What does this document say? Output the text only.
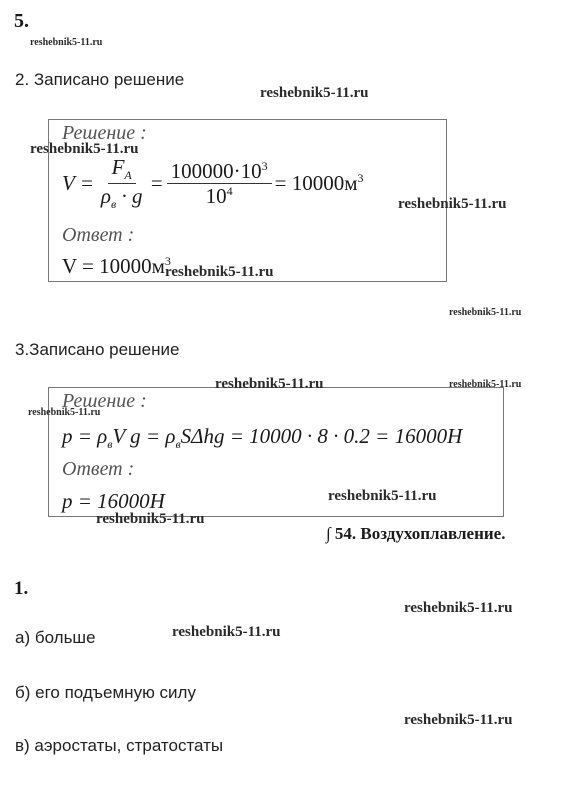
5.
reshebnik5-11.ru
2. Записано решение
reshebnik5-11.ru
Решение :
reshebnik5-11.ru
$V = \frac{F_A}{\rho_в \cdot g} = \frac{100000\cdot 10^3}{10^4} = 10000м^3$
reshebnik5-11.ru
Ответ :
$V = 10000м^3$
reshebnik5-11.ru
reshebnik5-11.ru
3.Записано решение
reshebnik5-11.ru	reshebnik5-11.ru
Решение :
reshebnik5-11.ru
$p = \rho_вV$ $g = \rho_вS\Delta hg = 10000 \cdot 8 \cdot 0.2 = 16000H$
Ответ :
p = 16000H	reshebnik5-11.ru
reshebnik5-11.ru
∫ 54. Воздухоплавление.
1.
reshebnik5-11.ru
а) больше	reshebnik5-11.ru
б) его подъемную силу
reshebnik5-11.ru
в) аэростаты, стратостаты
